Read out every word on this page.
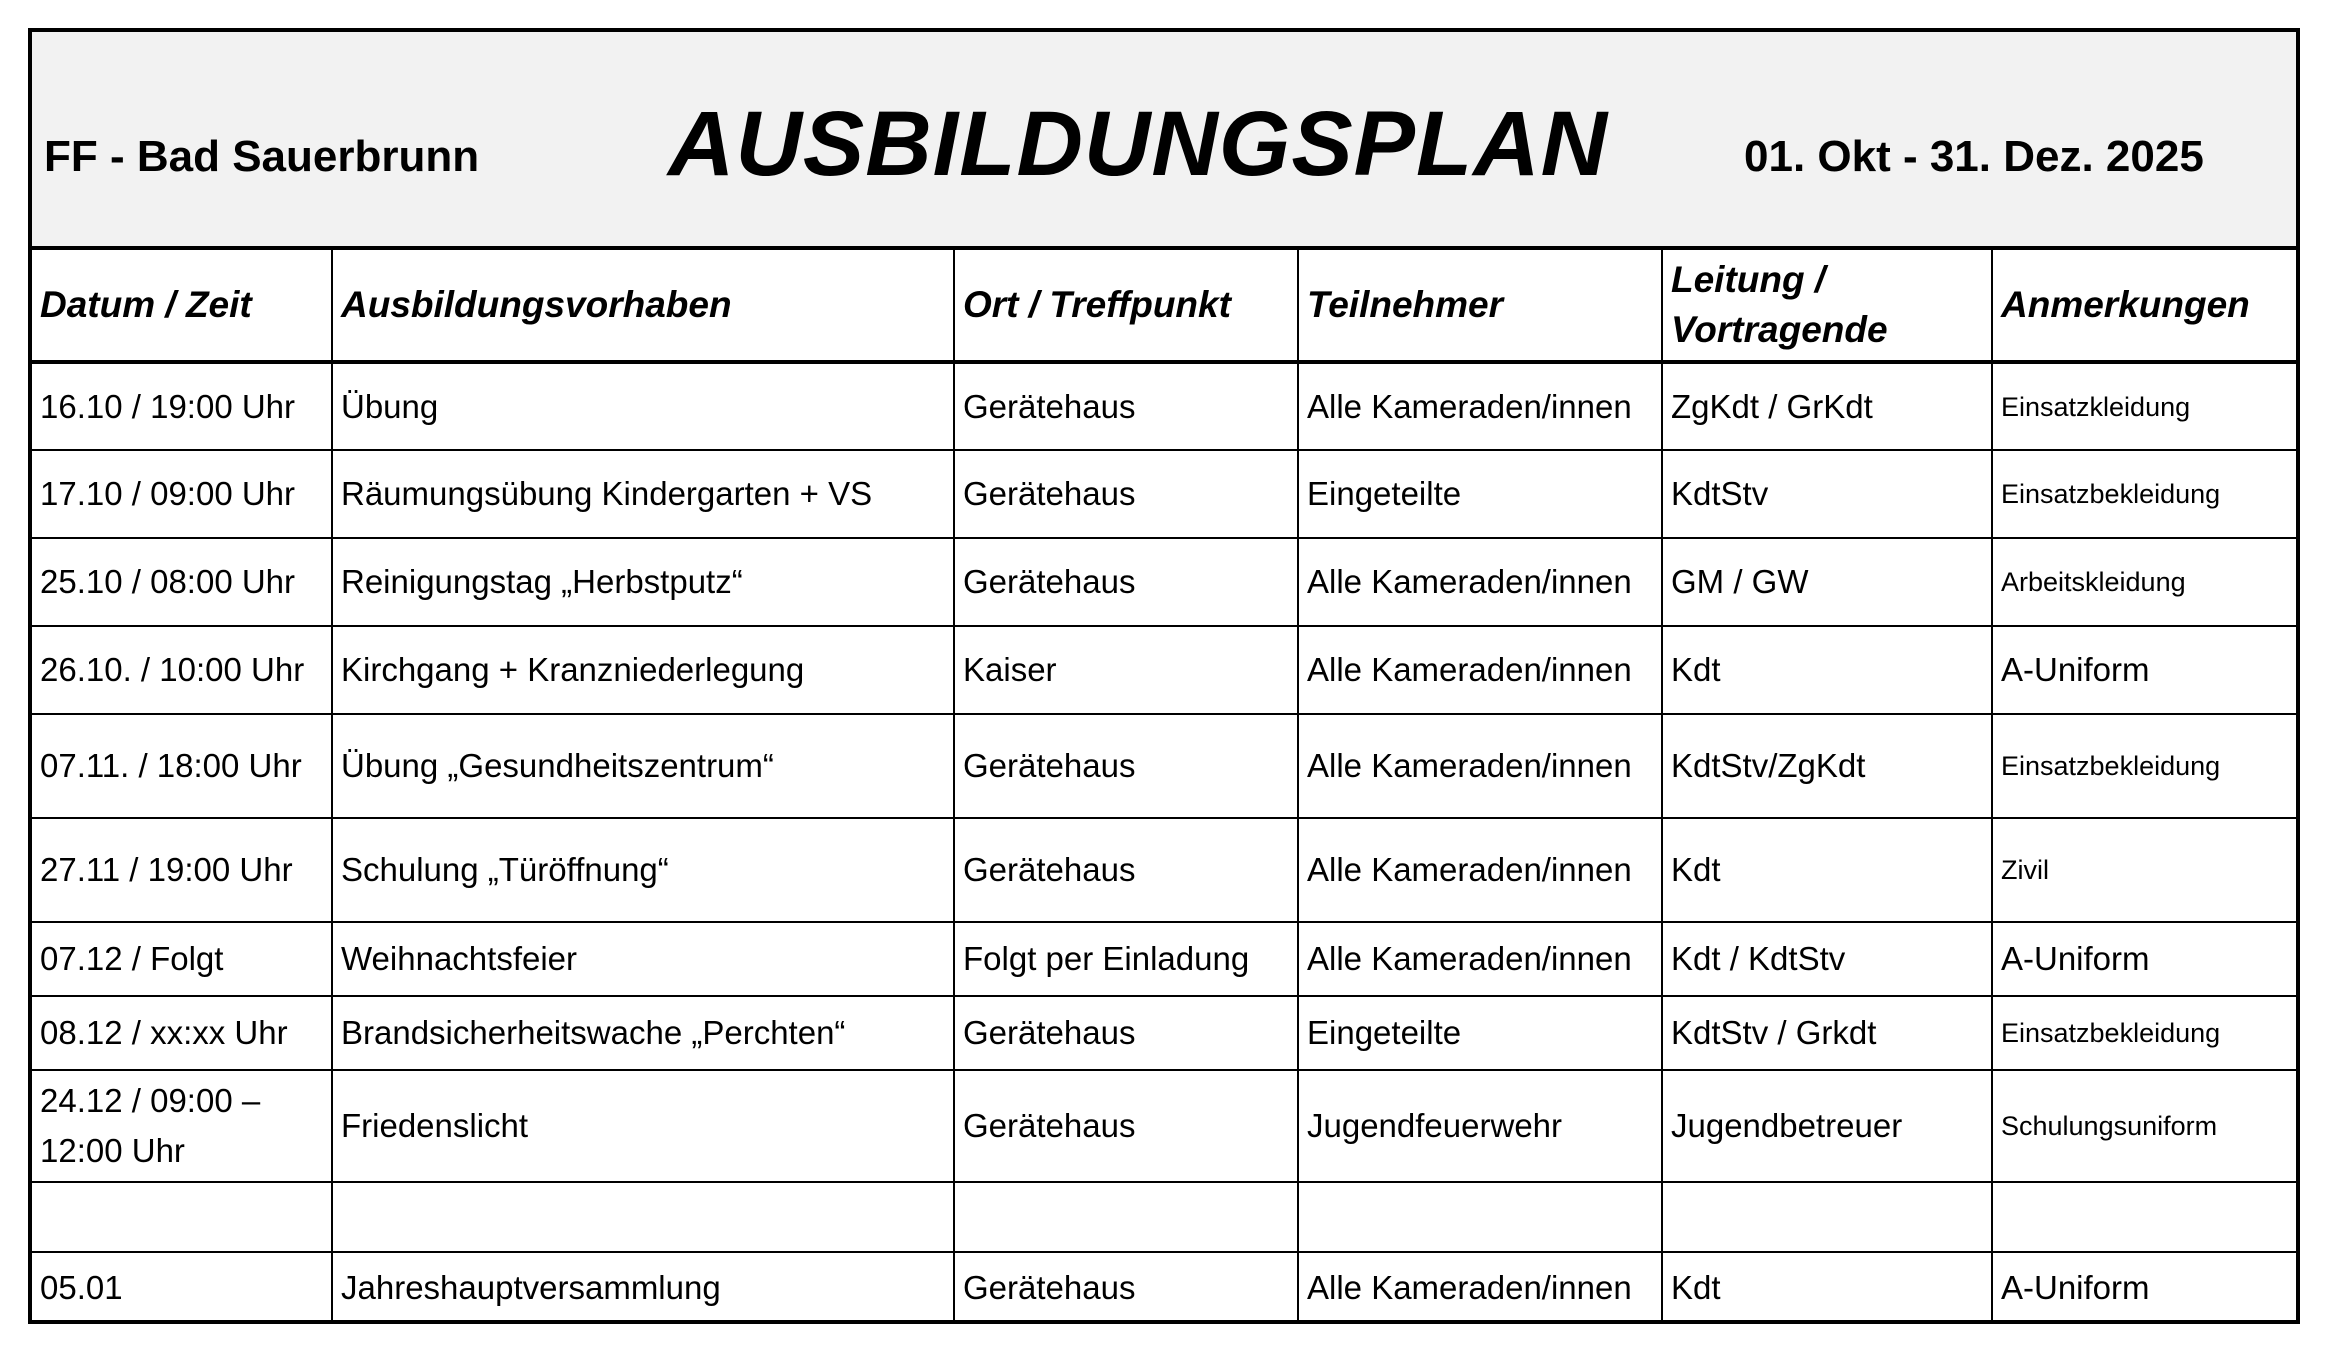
FF - Bad Sauerbrunn AUSBILDUNGSPLAN	01. Okt - 31. Dez. 2025
Datum / Zeit	Ausbildungsvorhaben	Ort / Treffpunkt	Teilnehmer	Leitung / Vortragende	Anmerkungen
16.10 / 19:00 Uhr	Übung	Gerätehaus	Alle Kameraden/innen	ZgKdt / GrKdt	Einsatzkleidung
17.10 / 09:00 Uhr	Räumungsübung Kindergarten + VS	Gerätehaus	Eingeteilte	KdtStv	Einsatzbekleidung
25.10 / 08:00 Uhr	Reinigungstag „Herbstputz“	Gerätehaus	Alle Kameraden/innen	GM / GW	Arbeitskleidung
26.10. / 10:00 Uhr	Kirchgang + Kranzniederlegung	Kaiser	Alle Kameraden/innen	Kdt	A-Uniform
07.11. / 18:00 Uhr	Übung „Gesundheitszentrum“	Gerätehaus	Alle Kameraden/innen	KdtStv/ZgKdt	Einsatzbekleidung
27.11 / 19:00 Uhr	Schulung „Türöffnung“	Gerätehaus	Alle Kameraden/innen	Kdt	Zivil
07.12 / Folgt	Weihnachtsfeier	Folgt per Einladung	Alle Kameraden/innen	Kdt / KdtStv	A-Uniform
08.12 / xx:xx Uhr	Brandsicherheitswache „Perchten“	Gerätehaus	Eingeteilte	KdtStv / Grkdt	Einsatzbekleidung
24.12 / 09:00 – 12:00 Uhr	Friedenslicht	Gerätehaus	Jugendfeuerwehr	Jugendbetreuer	Schulungsuniform

05.01	Jahreshauptversammlung	Gerätehaus	Alle Kameraden/innen	Kdt	A-Uniform
